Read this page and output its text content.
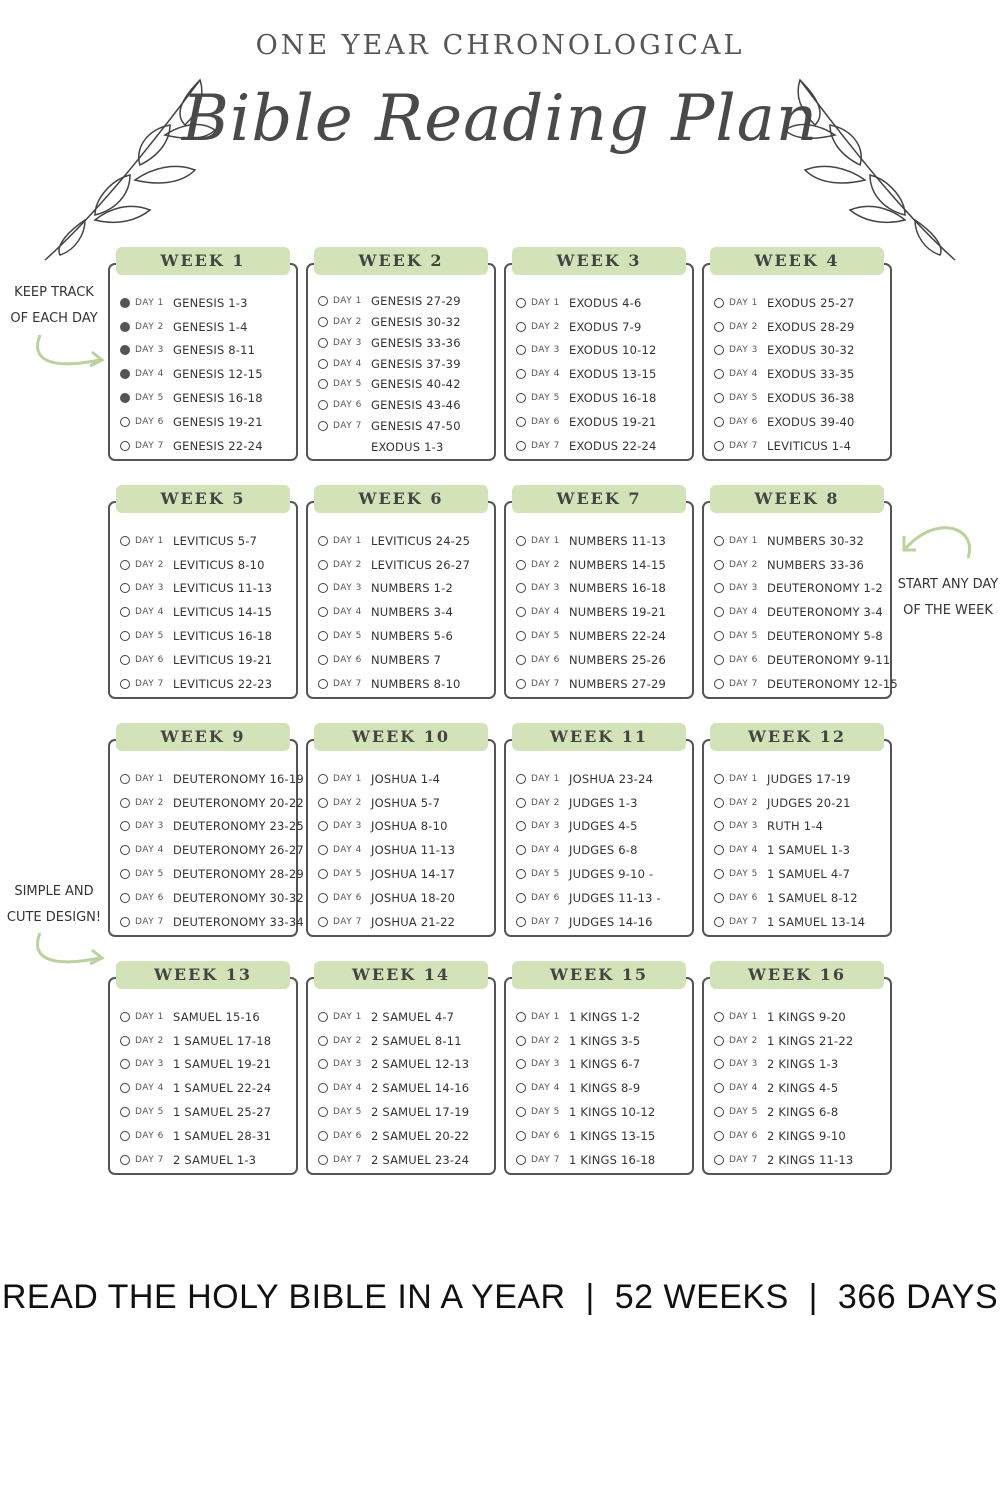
ONE YEAR CHRONOLOGICAL
Bible Reading Plan
KEEP TRACK
OF EACH DAY
START ANY DAY
OF THE WEEK
SIMPLE AND
CUTE DESIGN!
WEEK 1
DAY 1 GENESIS 1-3
DAY 2 GENESIS 1-4
DAY 3 GENESIS 8-11
DAY 4 GENESIS 12-15
DAY 5 GENESIS 16-18
DAY 6 GENESIS 19-21
DAY 7 GENESIS 22-24
WEEK 2
DAY 1 GENESIS 27-29
DAY 2 GENESIS 30-32
DAY 3 GENESIS 33-36
DAY 4 GENESIS 37-39
DAY 5 GENESIS 40-42
DAY 6 GENESIS 43-46
DAY 7 GENESIS 47-50
EXODUS 1-3
WEEK 3
DAY 1 EXODUS 4-6
DAY 2 EXODUS 7-9
DAY 3 EXODUS 10-12
DAY 4 EXODUS 13-15
DAY 5 EXODUS 16-18
DAY 6 EXODUS 19-21
DAY 7 EXODUS 22-24
WEEK 4
DAY 1 EXODUS 25-27
DAY 2 EXODUS 28-29
DAY 3 EXODUS 30-32
DAY 4 EXODUS 33-35
DAY 5 EXODUS 36-38
DAY 6 EXODUS 39-40
DAY 7 LEVITICUS 1-4
WEEK 5
DAY 1 LEVITICUS 5-7
DAY 2 LEVITICUS 8-10
DAY 3 LEVITICUS 11-13
DAY 4 LEVITICUS 14-15
DAY 5 LEVITICUS 16-18
DAY 6 LEVITICUS 19-21
DAY 7 LEVITICUS 22-23
WEEK 6
DAY 1 LEVITICUS 24-25
DAY 2 LEVITICUS 26-27
DAY 3 NUMBERS 1-2
DAY 4 NUMBERS 3-4
DAY 5 NUMBERS 5-6
DAY 6 NUMBERS 7
DAY 7 NUMBERS 8-10
WEEK 7
DAY 1 NUMBERS 11-13
DAY 2 NUMBERS 14-15
DAY 3 NUMBERS 16-18
DAY 4 NUMBERS 19-21
DAY 5 NUMBERS 22-24
DAY 6 NUMBERS 25-26
DAY 7 NUMBERS 27-29
WEEK 8
DAY 1 NUMBERS 30-32
DAY 2 NUMBERS 33-36
DAY 3 DEUTERONOMY 1-2
DAY 4 DEUTERONOMY 3-4
DAY 5 DEUTERONOMY 5-8
DAY 6 DEUTERONOMY 9-11
DAY 7 DEUTERONOMY 12-15
WEEK 9
DAY 1 DEUTERONOMY 16-19
DAY 2 DEUTERONOMY 20-22
DAY 3 DEUTERONOMY 23-25
DAY 4 DEUTERONOMY 26-27
DAY 5 DEUTERONOMY 28-29
DAY 6 DEUTERONOMY 30-32
DAY 7 DEUTERONOMY 33-34
WEEK 10
DAY 1 JOSHUA 1-4
DAY 2 JOSHUA 5-7
DAY 3 JOSHUA 8-10
DAY 4 JOSHUA 11-13
DAY 5 JOSHUA 14-17
DAY 6 JOSHUA 18-20
DAY 7 JOSHUA 21-22
WEEK 11
DAY 1 JOSHUA 23-24
DAY 2 JUDGES 1-3
DAY 3 JUDGES 4-5
DAY 4 JUDGES 6-8
DAY 5 JUDGES 9-10 -
DAY 6 JUDGES 11-13 -
DAY 7 JUDGES 14-16
WEEK 12
DAY 1 JUDGES 17-19
DAY 2 JUDGES 20-21
DAY 3 RUTH 1-4
DAY 4 1 SAMUEL 1-3
DAY 5 1 SAMUEL 4-7
DAY 6 1 SAMUEL 8-12
DAY 7 1 SAMUEL 13-14
WEEK 13
DAY 1 SAMUEL 15-16
DAY 2 1 SAMUEL 17-18
DAY 3 1 SAMUEL 19-21
DAY 4 1 SAMUEL 22-24
DAY 5 1 SAMUEL 25-27
DAY 6 1 SAMUEL 28-31
DAY 7 2 SAMUEL 1-3
WEEK 14
DAY 1 2 SAMUEL 4-7
DAY 2 2 SAMUEL 8-11
DAY 3 2 SAMUEL 12-13
DAY 4 2 SAMUEL 14-16
DAY 5 2 SAMUEL 17-19
DAY 6 2 SAMUEL 20-22
DAY 7 2 SAMUEL 23-24
WEEK 15
DAY 1 1 KINGS 1-2
DAY 2 1 KINGS 3-5
DAY 3 1 KINGS 6-7
DAY 4 1 KINGS 8-9
DAY 5 1 KINGS 10-12
DAY 6 1 KINGS 13-15
DAY 7 1 KINGS 16-18
WEEK 16
DAY 1 1 KINGS 9-20
DAY 2 1 KINGS 21-22
DAY 3 2 KINGS 1-3
DAY 4 2 KINGS 4-5
DAY 5 2 KINGS 6-8
DAY 6 2 KINGS 9-10
DAY 7 2 KINGS 11-13
READ THE HOLY BIBLE IN A YEAR  |  52 WEEKS  |  366 DAYS
